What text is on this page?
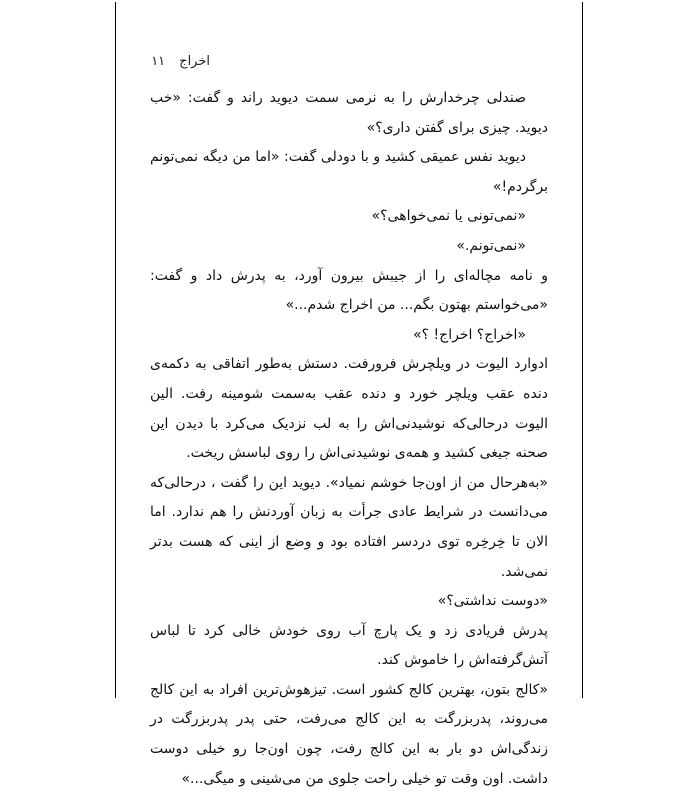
اخراج
۱۱

صندلی چرخدارش را به نرمی سمت دیوید راند و گفت: «خب دیوید. چیزی برای گفتن داری؟»

دیوید نفس عمیقی کشید و با دودلی گفت: «اما من دیگه نمی‌تونم برگردم!»

«نمی‌تونی یا نمی‌خواهی؟»

«نمی‌تونم.»

و نامه مچاله‌ای را از جیبش بیرون آورد، به پدرش داد و گفت: «می‌خواستم بهتون بگم... من اخراج شدم...»

«اخراج؟ اخراج! ؟»

ادوارد الیوت در ویلچرش فرورفت. دستش به‌طور اتفاقی به دکمه‌ی دنده عقب ویلچر خورد و دنده عقب به‌سمت شومینه رفت. الین الیوت درحالی‌که نوشیدنی‌اش را به لب نزدیک می‌کرد با دیدن این صحنه جیغی کشید و همه‌ی نوشیدنی‌اش را روی لباسش ریخت.

«به‌هرحال من از اون‌جا خوشم نمیاد». دیوید این را گفت ، درحالی‌که می‌دانست در شرایط عادی جرأت به زبان آوردنش را هم ندارد. اما الان تا خِرخِره توی دردسر افتاده بود و وضع از اینی که هست بدتر نمی‌شد.

«دوست نداشتی؟»

پدرش فریادی زد و یک پارچ آب روی خودش خالی کرد تا لباس آتش‌گرفته‌اش را خاموش کند.

«کالج بتون، بهترین کالج کشور است. تیزهوش‌ترین افراد به این کالج می‌روند، پدربزرگت به این کالج می‌رفت، حتی پدر پدربزرگت در زندگی‌اش دو بار به این کالج رفت، چون اون‌جا رو خیلی دوست داشت. اون وقت تو خیلی راحت جلوی من می‌شینی و میگی...»
